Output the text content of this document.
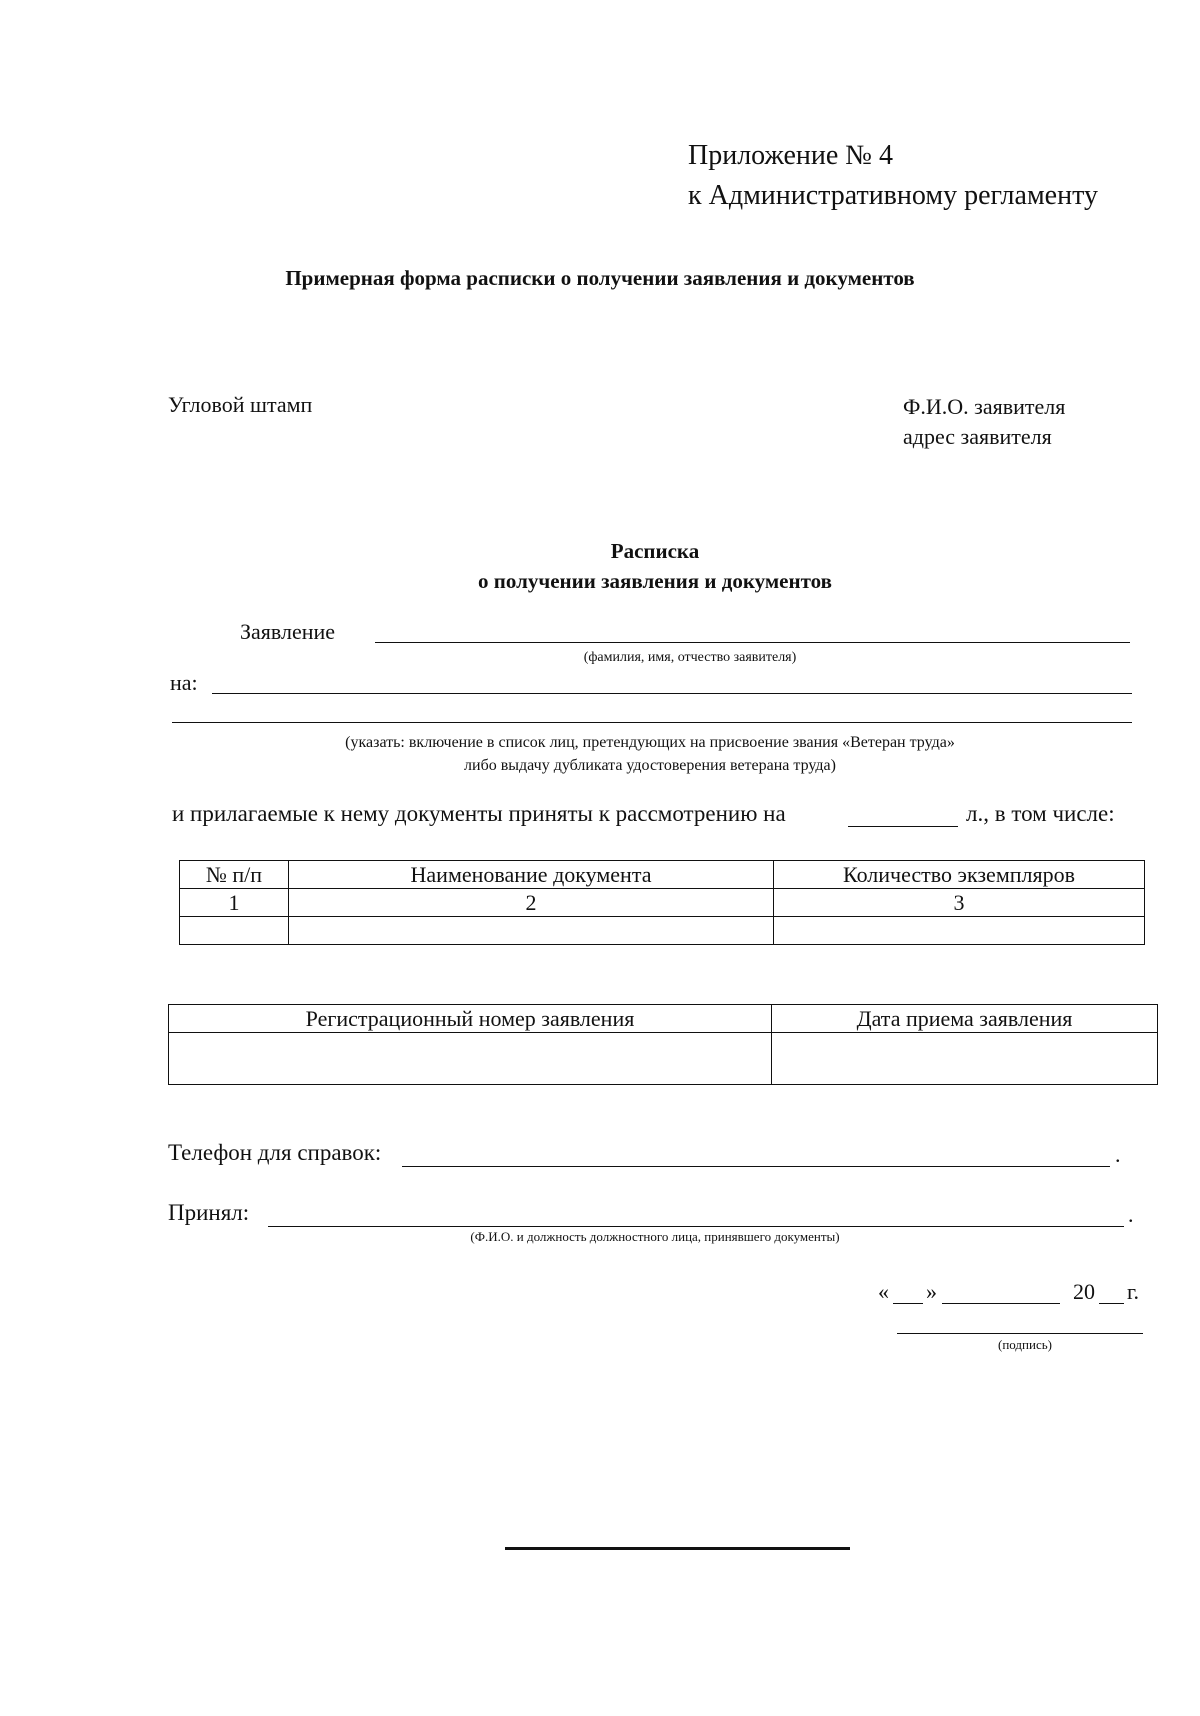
Приложение № 4
к Административному регламенту
Примерная форма расписки о получении заявления и документов
Угловой штамп	Ф.И.О. заявителя
адрес заявителя
Расписка
о получении заявления и документов
Заявление
(фамилия, имя, отчество заявителя)
на:
(указать: включение в список лиц, претендующих на присвоение звания «Ветеран труда»
либо выдачу дубликата удостоверения ветерана труда)
и прилагаемые к нему документы приняты к рассмотрению на	л., в том числе:
№ п/п	Наименование документа	Количество экземпляров
1	2	3

Регистрационный номер заявления	Дата приема заявления

Телефон для справок:	.
Принял:	.
(Ф.И.О. и должность должностного лица, принявшего документы)
« »	20 г.
(подпись)
